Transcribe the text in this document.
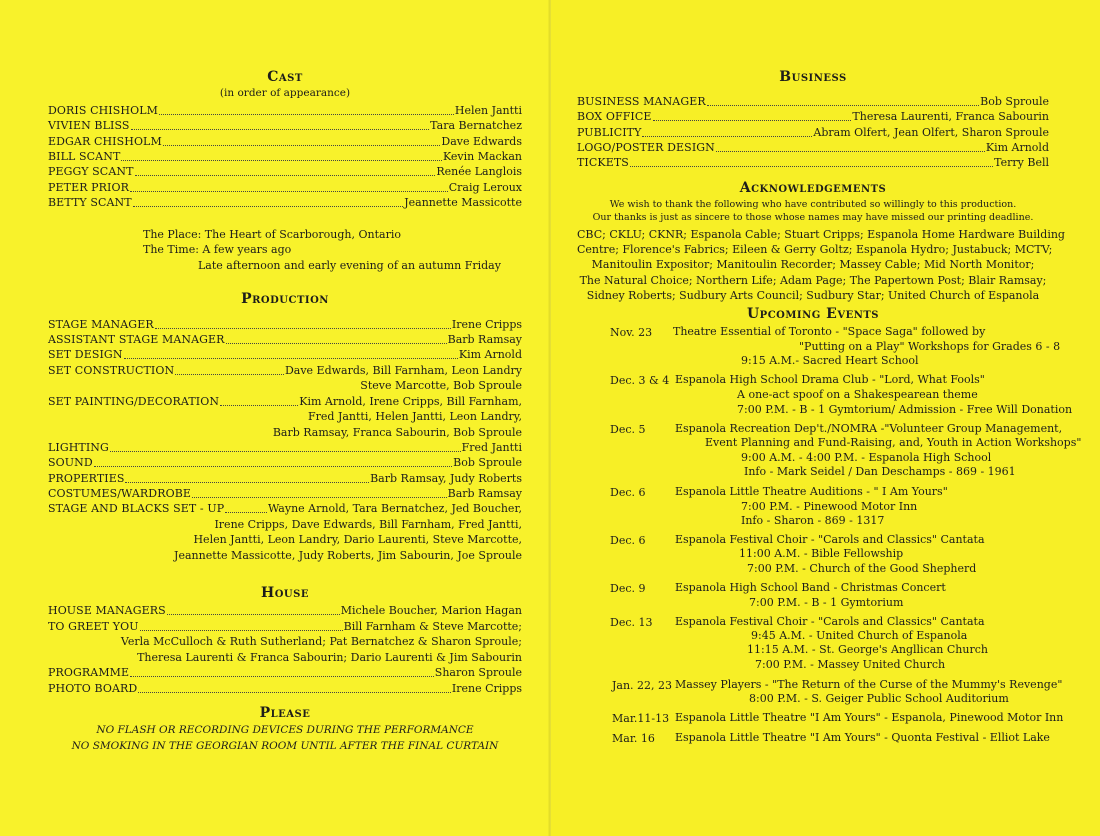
Cast
(in order of appearance)
DORIS CHISHOLM	Helen Jantti
VIVIEN BLISS	Tara Bernatchez
EDGAR CHISHOLM	Dave Edwards
BILL SCANT	Kevin Mackan
PEGGY SCANT	Renée Langlois
PETER PRIOR	Craig Leroux
BETTY SCANT	Jeannette Massicotte
The Place: The Heart of Scarborough, Ontario
The Time: A few years ago
Late afternoon and early evening of an autumn Friday
Production
STAGE MANAGER	Irene Cripps
ASSISTANT STAGE MANAGER	Barb Ramsay
SET DESIGN	Kim Arnold
SET CONSTRUCTION	Dave Edwards, Bill Farnham, Leon Landry
Steve Marcotte, Bob Sproule
SET PAINTING/DECORATION	Kim Arnold, Irene Cripps, Bill Farnham,
Fred Jantti, Helen Jantti, Leon Landry,
Barb Ramsay, Franca Sabourin, Bob Sproule
LIGHTING	Fred Jantti
SOUND	Bob Sproule
PROPERTIES	Barb Ramsay, Judy Roberts
COSTUMES/WARDROBE	Barb Ramsay
STAGE AND BLACKS SET - UP	Wayne Arnold, Tara Bernatchez, Jed Boucher,
Irene Cripps, Dave Edwards, Bill Farnham, Fred Jantti,
Helen Jantti, Leon Landry, Dario Laurenti, Steve Marcotte,
Jeannette Massicotte, Judy Roberts, Jim Sabourin, Joe Sproule
House
HOUSE MANAGERS	Michele Boucher, Marion Hagan
TO GREET YOU	Bill Farnham & Steve Marcotte;
Verla McCulloch & Ruth Sutherland; Pat Bernatchez & Sharon Sproule;
Theresa Laurenti & Franca Sabourin; Dario Laurenti & Jim Sabourin
PROGRAMME	Sharon Sproule
PHOTO BOARD	Irene Cripps
Please
NO FLASH OR RECORDING DEVICES DURING THE PERFORMANCE
NO SMOKING IN THE GEORGIAN ROOM UNTIL AFTER THE FINAL CURTAIN
Business
BUSINESS MANAGER	Bob Sproule
BOX OFFICE	Theresa Laurenti, Franca Sabourin
PUBLICITY	Abram Olfert, Jean Olfert, Sharon Sproule
LOGO/POSTER DESIGN	Kim Arnold
TICKETS	Terry Bell
Acknowledgements
We wish to thank the following who have contributed so willingly to this production.
Our thanks is just as sincere to those whose names may have missed our printing deadline.
CBC; CKLU; CKNR; Espanola Cable; Stuart Cripps; Espanola Home Hardware Building
Centre; Florence's Fabrics; Eileen & Gerry Goltz; Espanola Hydro; Justabuck; MCTV;
Manitoulin Expositor; Manitoulin Recorder; Massey Cable; Mid North Monitor;
The Natural Choice; Northern Life; Adam Page; The Papertown Post; Blair Ramsay;
Sidney Roberts; Sudbury Arts Council; Sudbury Star; United Church of Espanola
Upcoming Events
Nov. 23 Theatre Essential of Toronto - "Space Saga" followed by
"Putting on a Play" Workshops for Grades 6 - 8
9:15 A.M.- Sacred Heart School
Dec. 3 & 4 Espanola High School Drama Club - "Lord, What Fools"
A one-act spoof on a Shakespearean theme
7:00 P.M. - B - 1 Gymtorium/ Admission - Free Will Donation
Dec. 5	Espanola Recreation Dep't./NOMRA -"Volunteer Group Management,
Event Planning and Fund-Raising, and, Youth in Action Workshops"
9:00 A.M. - 4:00 P.M. - Espanola High School
Info - Mark Seidel / Dan Deschamps - 869 - 1961
Dec. 6	Espanola Little Theatre Auditions - " I Am Yours"
7:00 P.M. - Pinewood Motor Inn
Info - Sharon - 869 - 1317
Dec. 6	Espanola Festival Choir - "Carols and Classics" Cantata
11:00 A.M. - Bible Fellowship
7:00 P.M. - Church of the Good Shepherd
Dec. 9	Espanola High School Band - Christmas Concert
7:00 P.M. - B - 1 Gymtorium
Dec. 13 Espanola Festival Choir - "Carols and Classics" Cantata
9:45 A.M. - United Church of Espanola
11:15 A.M. - St. George's Angllican Church
7:00 P.M. - Massey United Church
Jan. 22, 23 Massey Players - "The Return of the Curse of the Mummy's Revenge"
8:00 P.M. - S. Geiger Public School Auditorium
Mar.11-13 Espanola Little Theatre "I Am Yours" - Espanola, Pinewood Motor Inn
Mar. 16 Espanola Little Theatre "I Am Yours" - Quonta Festival - Elliot Lake
